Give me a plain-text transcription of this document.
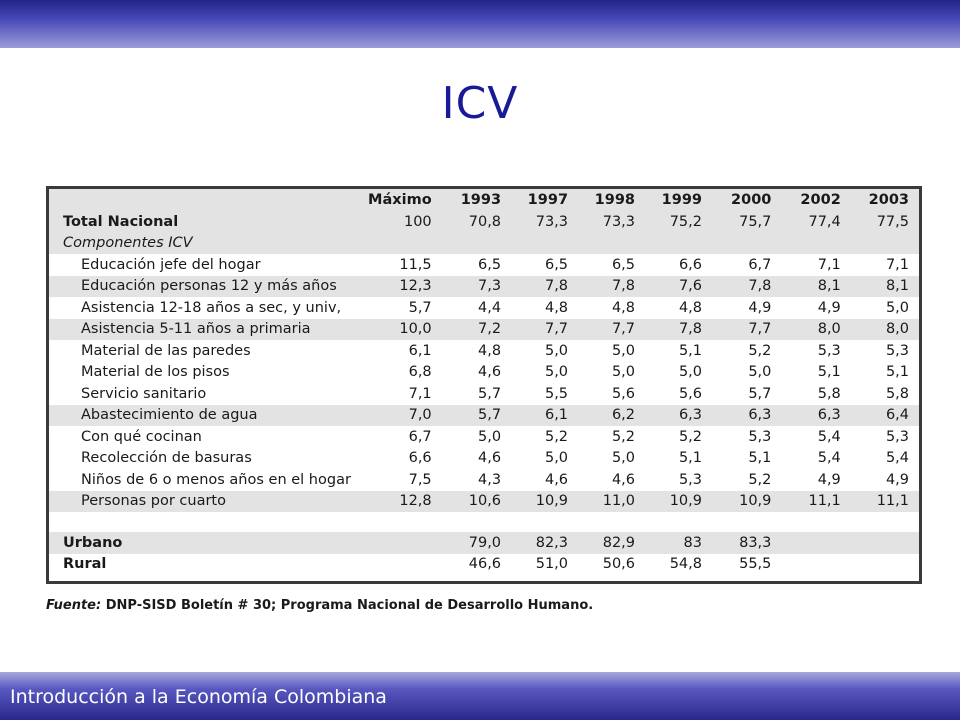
ICV
	Máximo	1993	1997	1998	1999	2000	2002	2003
Total Nacional	100	70,8	73,3	73,3	75,2	75,7	77,4	77,5
Componentes ICV								
Educación jefe del hogar	11,5	6,5	6,5	6,5	6,6	6,7	7,1	7,1
Educación personas 12 y más años	12,3	7,3	7,8	7,8	7,6	7,8	8,1	8,1
Asistencia 12-18 años a sec, y univ,	5,7	4,4	4,8	4,8	4,8	4,9	4,9	5,0
Asistencia 5-11 años a primaria	10,0	7,2	7,7	7,7	7,8	7,7	8,0	8,0
Material de las paredes	6,1	4,8	5,0	5,0	5,1	5,2	5,3	5,3
Material de los pisos	6,8	4,6	5,0	5,0	5,0	5,0	5,1	5,1
Servicio sanitario	7,1	5,7	5,5	5,6	5,6	5,7	5,8	5,8
Abastecimiento de agua	7,0	5,7	6,1	6,2	6,3	6,3	6,3	6,4
Con qué cocinan	6,7	5,0	5,2	5,2	5,2	5,3	5,4	5,3
Recolección de basuras	6,6	4,6	5,0	5,0	5,1	5,1	5,4	5,4
Niños de 6 o menos años en el hogar	7,5	4,3	4,6	4,6	5,3	5,2	4,9	4,9
Personas por cuarto	12,8	10,6	10,9	11,0	10,9	10,9	11,1	11,1

Urbano		79,0	82,3	82,9	83	83,3		
Rural		46,6	51,0	50,6	54,8	55,5		
Fuente: DNP-SISD Boletín # 30; Programa Nacional de Desarrollo Humano.
Introducción a la Economía Colombiana
